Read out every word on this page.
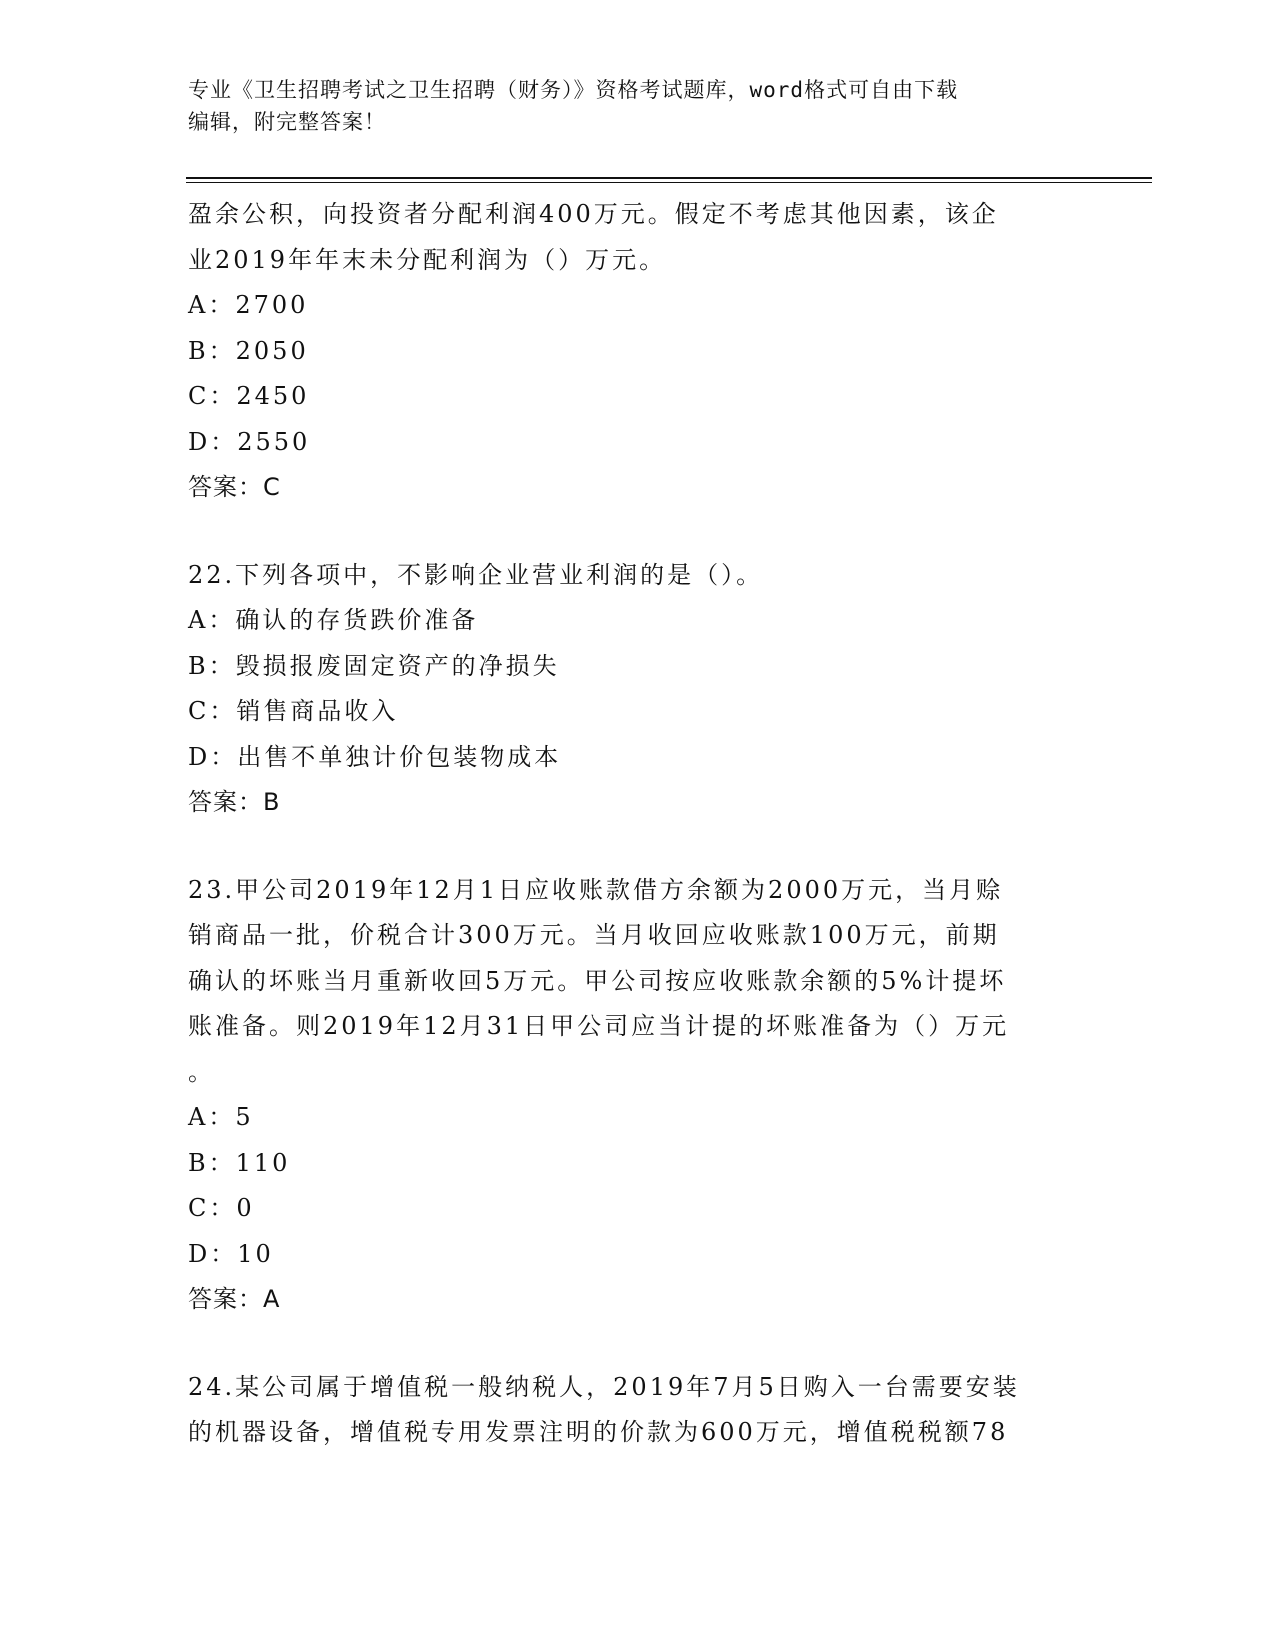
专业《卫生招聘考试之卫生招聘（财务）》资格考试题库，word格式可自由下载
编辑，附完整答案！
盈余公积，向投资者分配利润400万元。假定不考虑其他因素，该企
业2019年年末未分配利润为（）万元。
A：2700
B：2050
C：2450
D：2550
答案：C
22.下列各项中，不影响企业营业利润的是（）。
A：确认的存货跌价准备
B：毁损报废固定资产的净损失
C：销售商品收入
D：出售不单独计价包装物成本
答案：B
23.甲公司2019年12月1日应收账款借方余额为2000万元，当月赊
销商品一批，价税合计300万元。当月收回应收账款100万元，前期
确认的坏账当月重新收回5万元。甲公司按应收账款余额的5%计提坏
账准备。则2019年12月31日甲公司应当计提的坏账准备为（）万元
。
A：5
B：110
C：0
D：10
答案：A
24.某公司属于增值税一般纳税人，2019年7月5日购入一台需要安装
的机器设备，增值税专用发票注明的价款为600万元，增值税税额78
